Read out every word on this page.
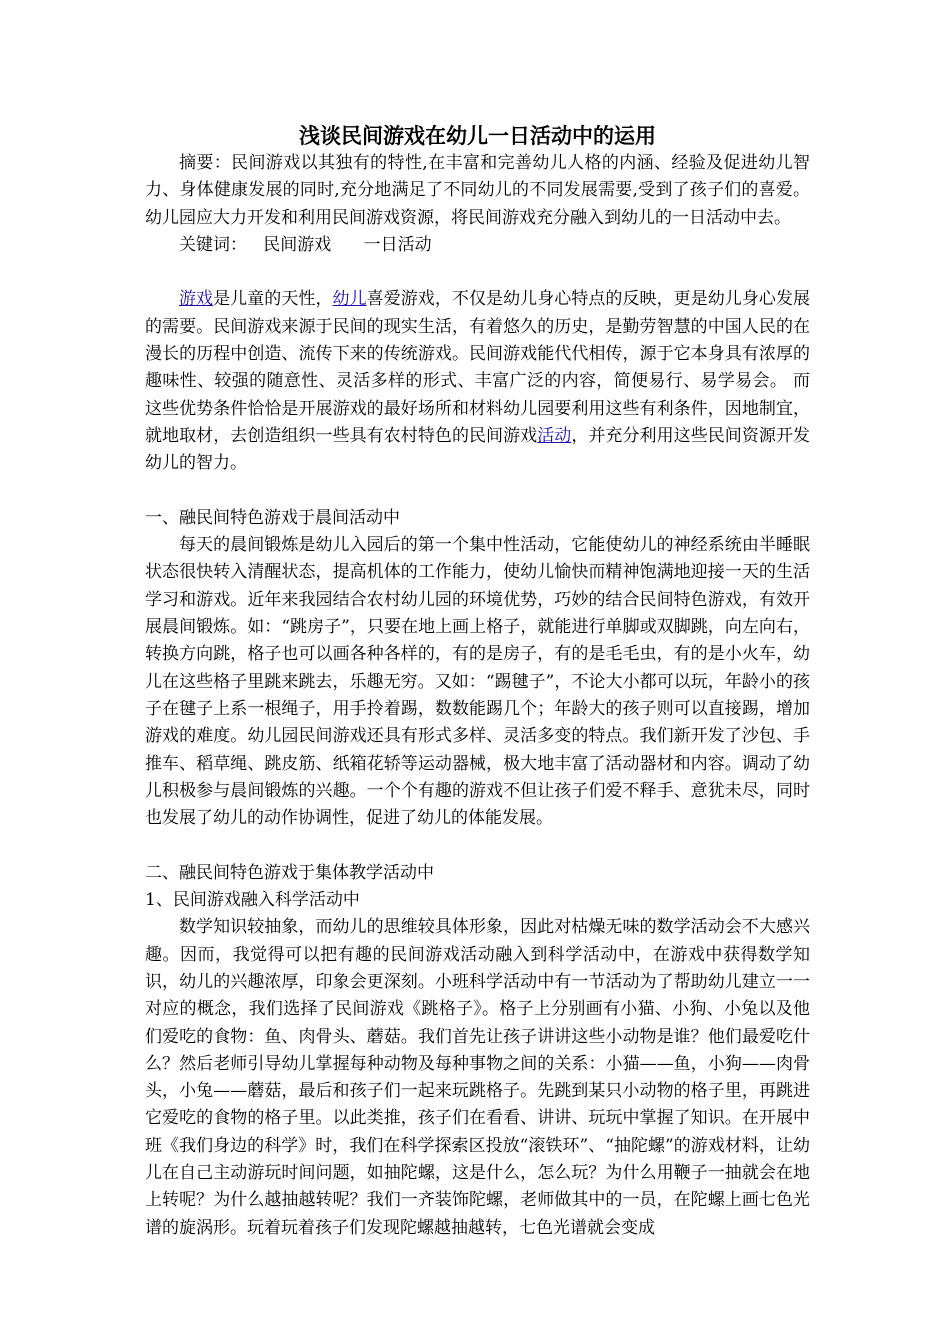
浅谈民间游戏在幼儿一日活动中的运用

摘要：民间游戏以其独有的特性,在丰富和完善幼儿人格的内涵、经验及促进幼儿智力、身体健康发展的同时,充分地满足了不同幼儿的不同发展需要,受到了孩子们的喜爱。幼儿园应大力开发和利用民间游戏资源，将民间游戏充分融入到幼儿的一日活动中去。

关键词： 民间游戏 一日活动

游戏是儿童的天性，幼儿喜爱游戏，不仅是幼儿身心特点的反映，更是幼儿身心发展的需要。民间游戏来源于民间的现实生活，有着悠久的历史，是勤劳智慧的中国人民的在漫长的历程中创造、流传下来的传统游戏。民间游戏能代代相传，源于它本身具有浓厚的趣味性、较强的随意性、灵活多样的形式、丰富广泛的内容，简便易行、易学易会。 而这些优势条件恰恰是开展游戏的最好场所和材料幼儿园要利用这些有利条件，因地制宜，就地取材，去创造组织一些具有农村特色的民间游戏活动，并充分利用这些民间资源开发幼儿的智力。

一、融民间特色游戏于晨间活动中

每天的晨间锻炼是幼儿入园后的第一个集中性活动，它能使幼儿的神经系统由半睡眠状态很快转入清醒状态，提高机体的工作能力，使幼儿愉快而精神饱满地迎接一天的生活学习和游戏。近年来我园结合农村幼儿园的环境优势，巧妙的结合民间特色游戏，有效开展晨间锻炼。如：“跳房子”，只要在地上画上格子，就能进行单脚或双脚跳，向左向右，转换方向跳，格子也可以画各种各样的，有的是房子，有的是毛毛虫，有的是小火车，幼儿在这些格子里跳来跳去，乐趣无穷。又如：“踢毽子”，不论大小都可以玩，年龄小的孩子在毽子上系一根绳子，用手拎着踢，数数能踢几个；年龄大的孩子则可以直接踢，增加游戏的难度。幼儿园民间游戏还具有形式多样、灵活多变的特点。我们新开发了沙包、手推车、稻草绳、跳皮筋、纸箱花轿等运动器械，极大地丰富了活动器材和内容。调动了幼儿积极参与晨间锻炼的兴趣。一个个有趣的游戏不但让孩子们爱不释手、意犹未尽，同时也发展了幼儿的动作协调性，促进了幼儿的体能发展。

二、融民间特色游戏于集体教学活动中

1、民间游戏融入科学活动中

数学知识较抽象，而幼儿的思维较具体形象，因此对枯燥无味的数学活动会不大感兴趣。因而，我觉得可以把有趣的民间游戏活动融入到科学活动中，在游戏中获得数学知识，幼儿的兴趣浓厚，印象会更深刻。小班科学活动中有一节活动为了帮助幼儿建立一一对应的概念，我们选择了民间游戏《跳格子》。格子上分别画有小猫、小狗、小兔以及他们爱吃的食物：鱼、肉骨头、蘑菇。我们首先让孩子讲讲这些小动物是谁？他们最爱吃什么？然后老师引导幼儿掌握每种动物及每种事物之间的关系：小猫——鱼，小狗——肉骨头，小兔——蘑菇，最后和孩子们一起来玩跳格子。先跳到某只小动物的格子里，再跳进它爱吃的食物的格子里。以此类推，孩子们在看看、讲讲、玩玩中掌握了知识。在开展中班《我们身边的科学》时，我们在科学探索区投放“滚铁环”、“抽陀螺”的游戏材料，让幼儿在自己主动游玩时间问题，如抽陀螺，这是什么，怎么玩？为什么用鞭子一抽就会在地上转呢？为什么越抽越转呢？我们一齐装饰陀螺，老师做其中的一员，在陀螺上画七色光谱的旋涡形。玩着玩着孩子们发现陀螺越抽越转，七色光谱就会变成
